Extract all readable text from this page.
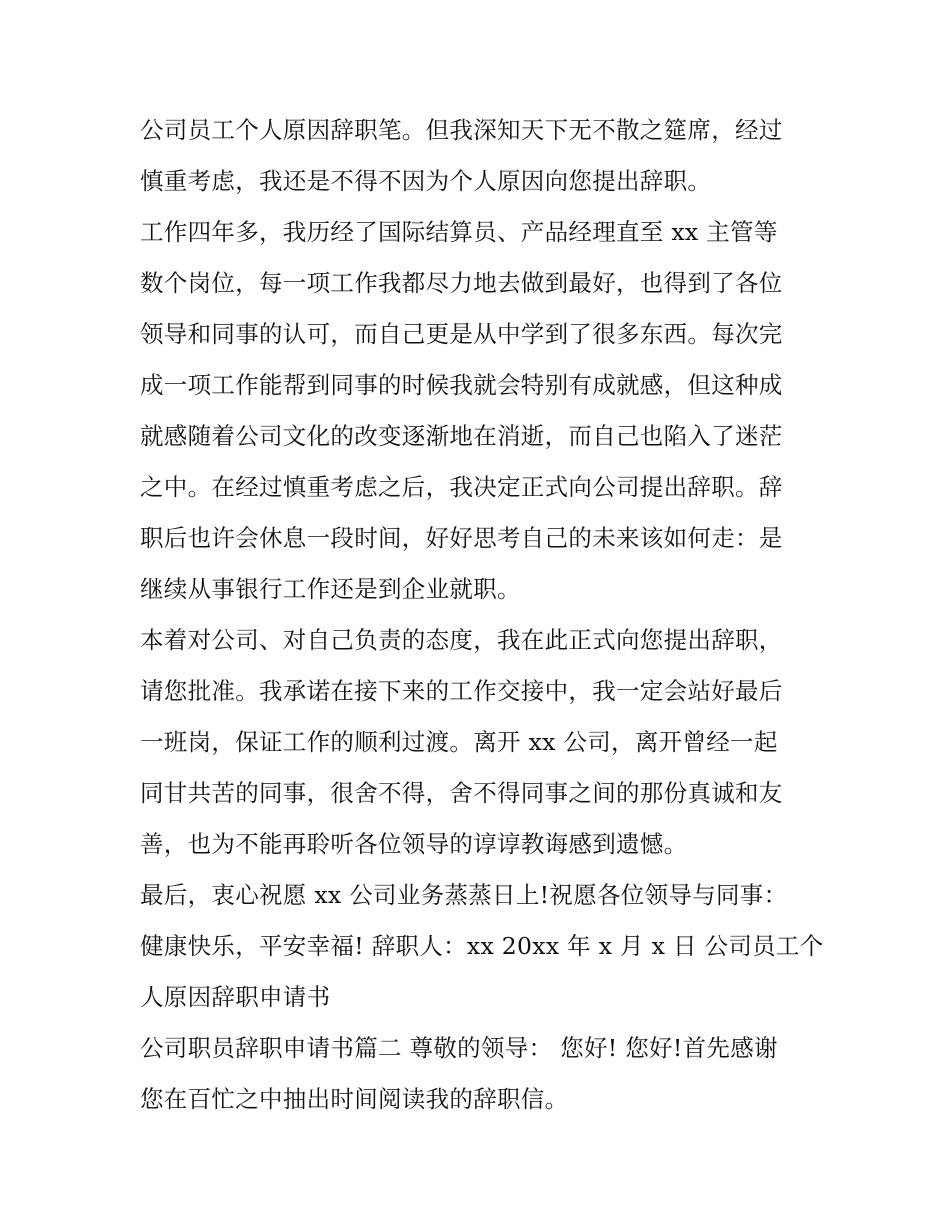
公司员工个人原因辞职笔。但我深知天下无不散之筵席，经过
慎重考虑，我还是不得不因为个人原因向您提出辞职。
工作四年多，我历经了国际结算员、产品经理直至 xx 主管等
数个岗位，每一项工作我都尽力地去做到最好，也得到了各位
领导和同事的认可，而自己更是从中学到了很多东西。每次完
成一项工作能帮到同事的时候我就会特别有成就感，但这种成
就感随着公司文化的改变逐渐地在消逝，而自己也陷入了迷茫
之中。在经过慎重考虑之后，我决定正式向公司提出辞职。辞
职后也许会休息一段时间，好好思考自己的未来该如何走：是
继续从事银行工作还是到企业就职。
本着对公司、对自己负责的态度，我在此正式向您提出辞职，
请您批准。我承诺在接下来的工作交接中，我一定会站好最后
一班岗，保证工作的顺利过渡。离开 xx 公司，离开曾经一起
同甘共苦的同事，很舍不得，舍不得同事之间的那份真诚和友
善，也为不能再聆听各位领导的谆谆教诲感到遗憾。
最后，衷心祝愿 xx 公司业务蒸蒸日上!祝愿各位领导与同事：
健康快乐，平安幸福! 辞职人：xx 20xx 年 x 月 x 日 公司员工个
人原因辞职申请书
公司职员辞职申请书篇二 尊敬的领导： 您好! 您好!首先感谢
您在百忙之中抽出时间阅读我的辞职信。
